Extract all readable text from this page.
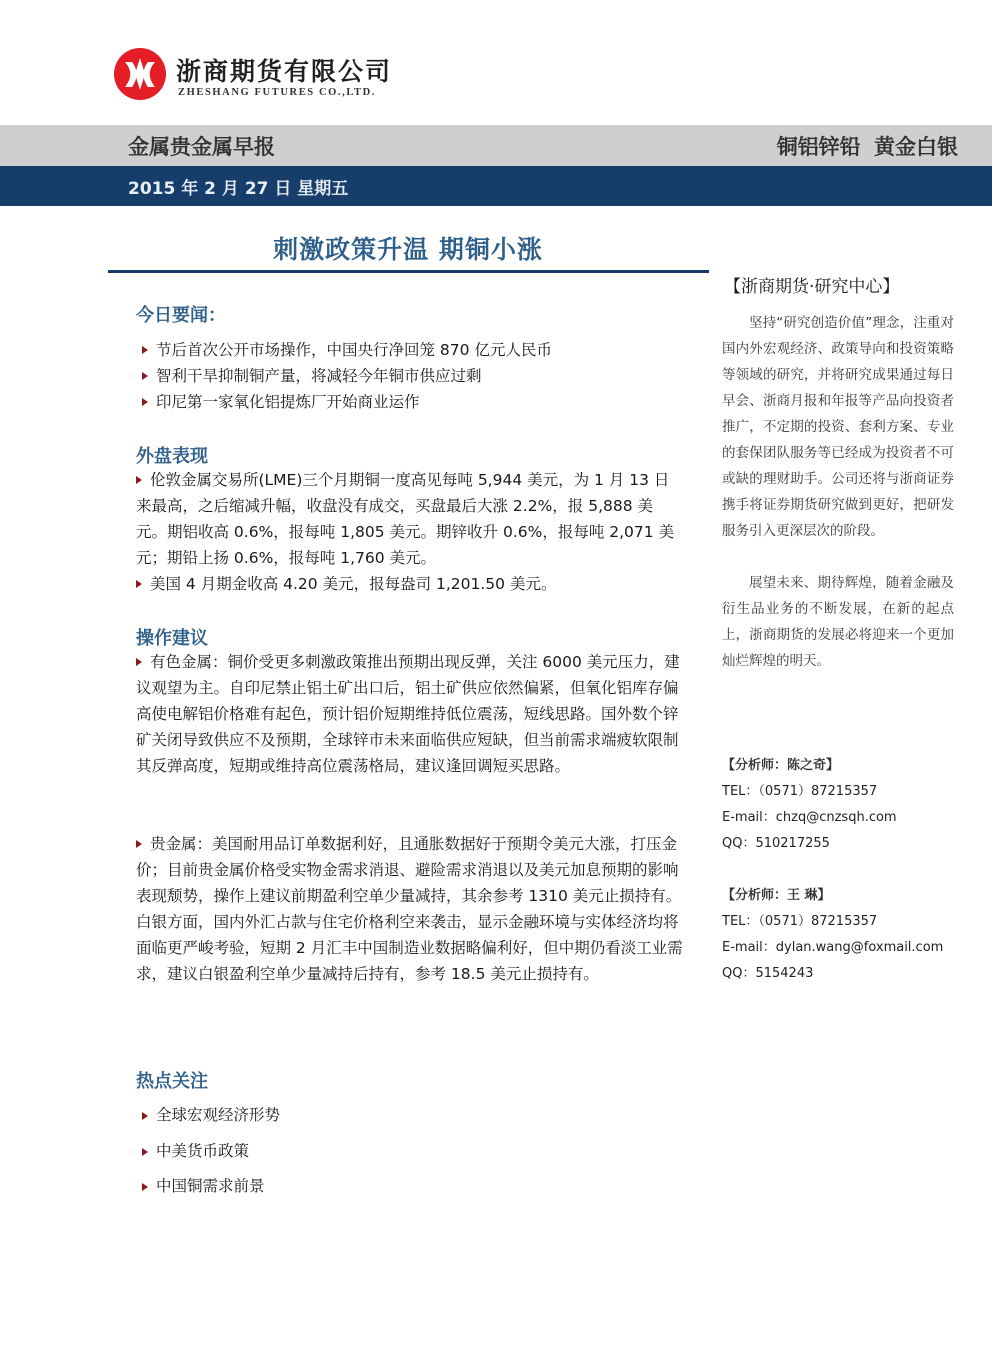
浙商期货有限公司
ZHESHANG FUTURES CO.,LTD.
金属贵金属早报	铜铝锌铅 黄金白银
2015 年 2 月 27 日 星期五
刺激政策升温 期铜小涨
今日要闻：
节后首次公开市场操作，中国央行净回笼 870 亿元人民币
智利干旱抑制铜产量，将减轻今年铜市供应过剩
印尼第一家氧化铝提炼厂开始商业运作
外盘表现
伦敦金属交易所(LME)三个月期铜一度高见每吨 5,944 美元，为 1 月 13 日来最高，之后缩减升幅，收盘没有成交，买盘最后大涨 2.2%，报 5,888 美元。期铝收高 0.6%，报每吨 1,805 美元。期锌收升 0.6%，报每吨 2,071 美元；期铅上扬 0.6%，报每吨 1,760 美元。
美国 4 月期金收高 4.20 美元，报每盎司 1,201.50 美元。
操作建议
有色金属：铜价受更多刺激政策推出预期出现反弹，关注 6000 美元压力，建议观望为主。自印尼禁止铝土矿出口后，铝土矿供应依然偏紧，但氧化铝库存偏高使电解铝价格难有起色，预计铝价短期维持低位震荡，短线思路。国外数个锌矿关闭导致供应不及预期，全球锌市未来面临供应短缺，但当前需求端疲软限制其反弹高度，短期或维持高位震荡格局，建议逢回调短买思路。
贵金属：美国耐用品订单数据利好，且通胀数据好于预期令美元大涨，打压金价；目前贵金属价格受实物金需求消退、避险需求消退以及美元加息预期的影响表现颓势，操作上建议前期盈利空单少量减持，其余参考 1310 美元止损持有。白银方面，国内外汇占款与住宅价格利空来袭击，显示金融环境与实体经济均将面临更严峻考验，短期 2 月汇丰中国制造业数据略偏利好，但中期仍看淡工业需求，建议白银盈利空单少量减持后持有，参考 18.5 美元止损持有。
热点关注
全球宏观经济形势
中美货币政策
中国铜需求前景
【浙商期货·研究中心】
坚持“研究创造价值”理念，注重对国内外宏观经济、政策导向和投资策略等领域的研究，并将研究成果通过每日早会、浙商月报和年报等产品向投资者推广，不定期的投资、套利方案、专业的套保团队服务等已经成为投资者不可或缺的理财助手。公司还将与浙商证券携手将证券期货研究做到更好，把研发服务引入更深层次的阶段。
展望未来、期待辉煌，随着金融及衍生品业务的不断发展，在新的起点上，浙商期货的发展必将迎来一个更加灿烂辉煌的明天。
【分析师：陈之奇】
TEL：（0571）87215357
E-mail：chzq@cnzsqh.com
QQ：510217255
【分析师：王 琳】
TEL：（0571）87215357
E-mail：dylan.wang@foxmail.com
QQ：5154243
